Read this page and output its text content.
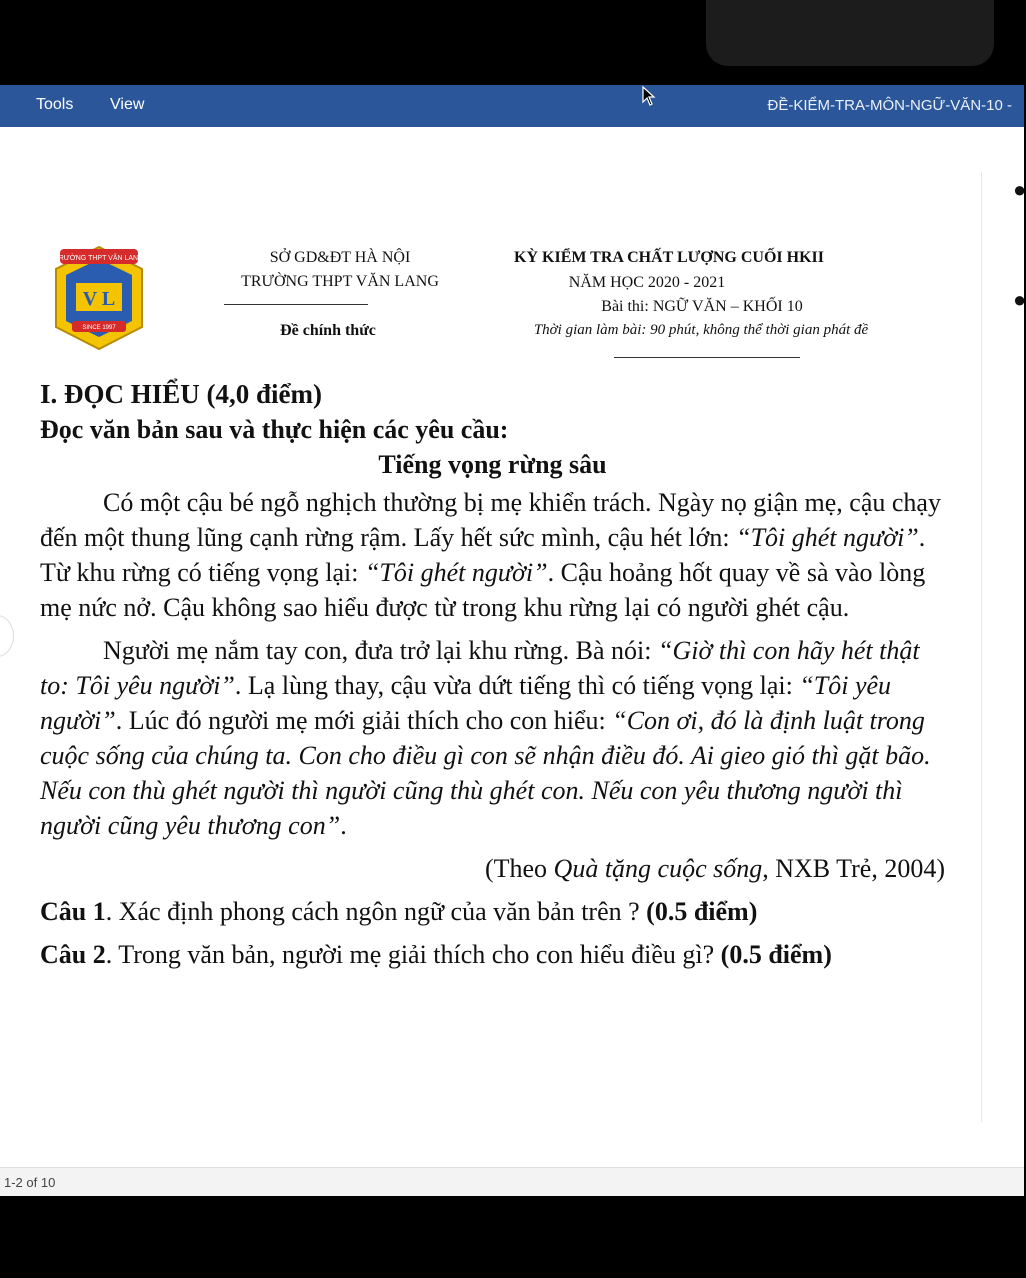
Tools View	ĐỀ-KIỂM-TRA-MÔN-NGỮ-VĂN-10 -
●
●
TRƯỜNG THPT VĂN LANG
V L
SINCE 1997
SỞ GD&ĐT HÀ NỘI
TRƯỜNG THPT VĂN LANG
Đề chính thức
KỲ KIỂM TRA CHẤT LƯỢNG CUỐI HKII
NĂM HỌC 2020 - 2021
Bài thi: NGỮ VĂN – KHỐI 10
Thời gian làm bài: 90 phút, không thể thời gian phát đề
I. ĐỌC HIỂU (4,0 điểm)
Đọc văn bản sau và thực hiện các yêu cầu:
Tiếng vọng rừng sâu

Có một cậu bé ngỗ nghịch thường bị mẹ khiển trách. Ngày nọ giận mẹ, cậu chạy đến một thung lũng cạnh rừng rậm. Lấy hết sức mình, cậu hét lớn: “Tôi ghét người”. Từ khu rừng có tiếng vọng lại: “Tôi ghét người”. Cậu hoảng hốt quay về sà vào lòng mẹ nức nở. Cậu không sao hiểu được từ trong khu rừng lại có người ghét cậu.

Người mẹ nắm tay con, đưa trở lại khu rừng. Bà nói: “Giờ thì con hãy hét thật to: Tôi yêu người”. Lạ lùng thay, cậu vừa dứt tiếng thì có tiếng vọng lại: “Tôi yêu người”. Lúc đó người mẹ mới giải thích cho con hiểu: “Con ơi, đó là định luật trong cuộc sống của chúng ta. Con cho điều gì con sẽ nhận điều đó. Ai gieo gió thì gặt bão. Nếu con thù ghét người thì người cũng thù ghét con. Nếu con yêu thương người thì người cũng yêu thương con”.

(Theo Quà tặng cuộc sống, NXB Trẻ, 2004)

Câu 1. Xác định phong cách ngôn ngữ của văn bản trên ? (0.5 điểm)

Câu 2. Trong văn bản, người mẹ giải thích cho con hiểu điều gì? (0.5 điểm)

1-2 of 10
